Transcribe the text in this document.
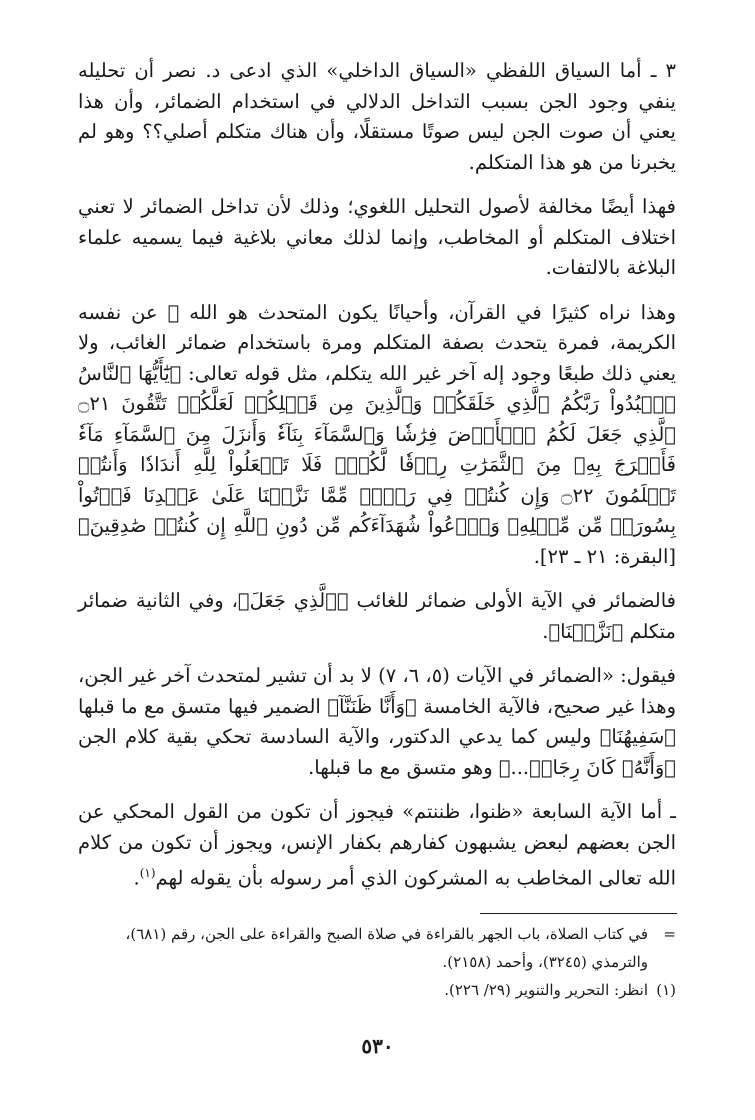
٣ ـ أما السياق اللفظي «السياق الداخلي» الذي ادعى د. نصر أن تحليله ينفي وجود الجن بسبب التداخل الدلالي في استخدام الضمائر، وأن هذا يعني أن صوت الجن ليس صوتًا مستقلًا، وأن هناك متكلم أصلي؟؟ وهو لم يخبرنا من هو هذا المتكلم.

فهذا أيضًا مخالفة لأصول التحليل اللغوي؛ وذلك لأن تداخل الضمائر لا تعني اختلاف المتكلم أو المخاطب، وإنما لذلك معاني بلاغية فيما يسميه علماء البلاغة بالالتفات.

وهذا نراه كثيرًا في القرآن، وأحيانًا يكون المتحدث هو الله ﷻ عن نفسه الكريمة، فمرة يتحدث بصفة المتكلم ومرة باستخدام ضمائر الغائب، ولا يعني ذلك طبعًا وجود إله آخر غير الله يتكلم، مثل قوله تعالى: ﴿يَٰٓأَيُّهَا ٱلنَّاسُ ٱعۡبُدُواْ رَبَّكُمُ ٱلَّذِي خَلَقَكُمۡ وَٱلَّذِينَ مِن قَبۡلِكُمۡ لَعَلَّكُمۡ تَتَّقُونَ ۝٢١ ٱلَّذِي جَعَلَ لَكُمُ ٱلۡأَرۡضَ فِرَٰشٗا وَٱلسَّمَآءَ بِنَآءٗ وَأَنزَلَ مِنَ ٱلسَّمَآءِ مَآءٗ فَأَخۡرَجَ بِهِۦ مِنَ ٱلثَّمَرَٰتِ رِزۡقٗا لَّكُمۡۖ فَلَا تَجۡعَلُواْ لِلَّهِ أَندَادٗا وَأَنتُمۡ تَعۡلَمُونَ ۝٢٢ وَإِن كُنتُمۡ فِي رَيۡبٖ مِّمَّا نَزَّلۡنَا عَلَىٰ عَبۡدِنَا فَأۡتُواْ بِسُورَةٖ مِّن مِّثۡلِهِۦ وَٱدۡعُواْ شُهَدَآءَكُم مِّن دُونِ ٱللَّهِ إِن كُنتُمۡ صَٰدِقِينَ﴾ [البقرة: ٢١ ـ ٢٣].

فالضمائر في الآية الأولى ضمائر للغائب ﴿ٱلَّذِي جَعَلَ﴾، وفي الثانية ضمائر متكلم ﴿نَزَّلۡنَا﴾.

فيقول: «الضمائر في الآيات (٥، ٦، ٧) لا بد أن تشير لمتحدث آخر غير الجن، وهذا غير صحيح، فالآية الخامسة ﴿وَأَنَّا ظَنَنَّآ﴾ الضمير فيها متسق مع ما قبلها ﴿سَفِيهُنَا﴾ وليس كما يدعي الدكتور، والآية السادسة تحكي بقية كلام الجن ﴿وَأَنَّهُۥ كَانَ رِجَالٞ...﴾ وهو متسق مع ما قبلها.

ـ أما الآية السابعة «ظنوا، ظننتم» فيجوز أن تكون من القول المحكي عن الجن بعضهم لبعض يشبهون كفارهم بكفار الإنس، ويجوز أن تكون من كلام الله تعالى المخاطب به المشركون الذي أمر رسوله بأن يقوله لهم$^{(١)}$.

=
في كتاب الصلاة، باب الجهر بالقراءة في صلاة الصبح والقراءة على الجن، رقم (٦٨١)، والترمذي (٣٢٤٥)، وأحمد (٢١٥٨).
(١)
انظر: التحرير والتنوير (٢٩/ ٢٢٦).
٥٣٠
